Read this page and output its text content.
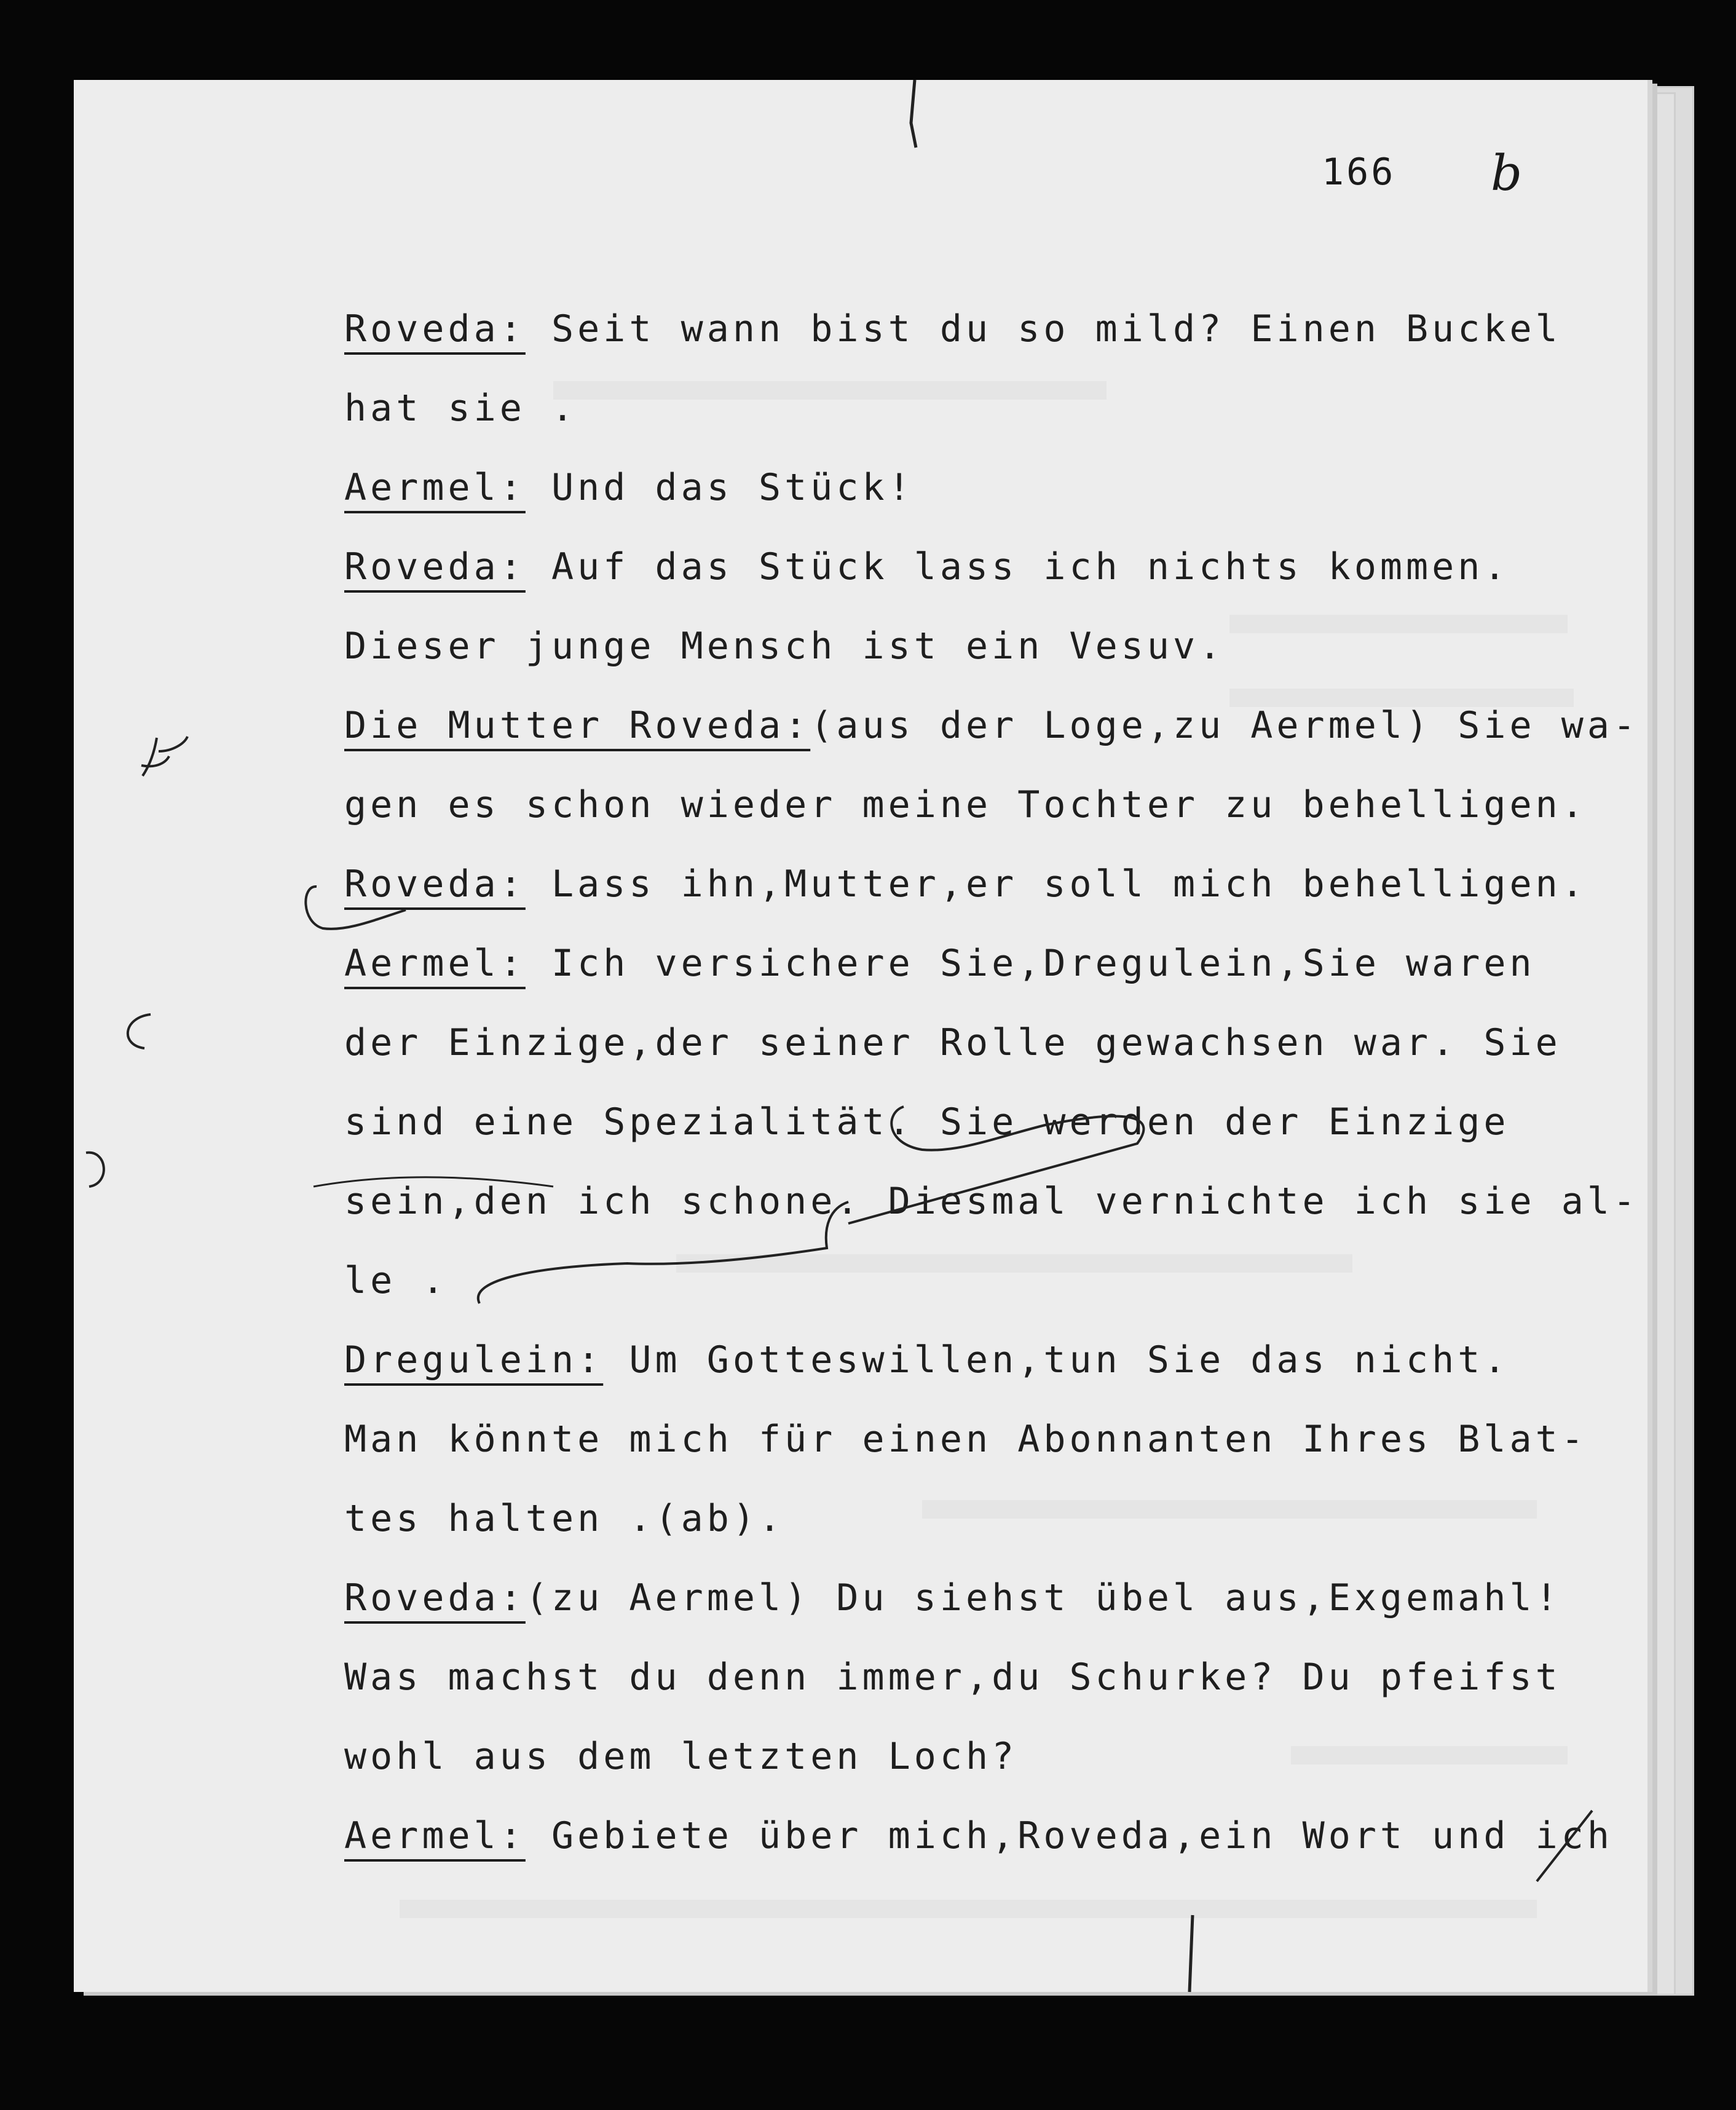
166 b
Roveda: Seit wann bist du so mild? Einen Buckel
hat sie .
Aermel: Und das Stück!
Roveda: Auf das Stück lass ich nichts kommen.
Dieser junge Mensch ist ein Vesuv.
Die Mutter Roveda:(aus der Loge,zu Aermel) Sie wa-
gen es schon wieder meine Tochter zu behelligen.
Roveda: Lass ihn,Mutter,er soll mich behelligen.
Aermel: Ich versichere Sie,Dregulein,Sie waren
der Einzige,der seiner Rolle gewachsen war. Sie
sind eine Spezialität. Sie werden der Einzige
sein,den ich schone. Diesmal vernichte ich sie al-
le .
Dregulein: Um Gotteswillen,tun Sie das nicht.
Man könnte mich für einen Abonnanten Ihres Blat-
tes halten .(ab).
Roveda:(zu Aermel) Du siehst übel aus,Exgemahl!
Was machst du denn immer,du Schurke? Du pfeifst
wohl aus dem letzten Loch?
Aermel: Gebiete über mich,Roveda,ein Wort und ich
